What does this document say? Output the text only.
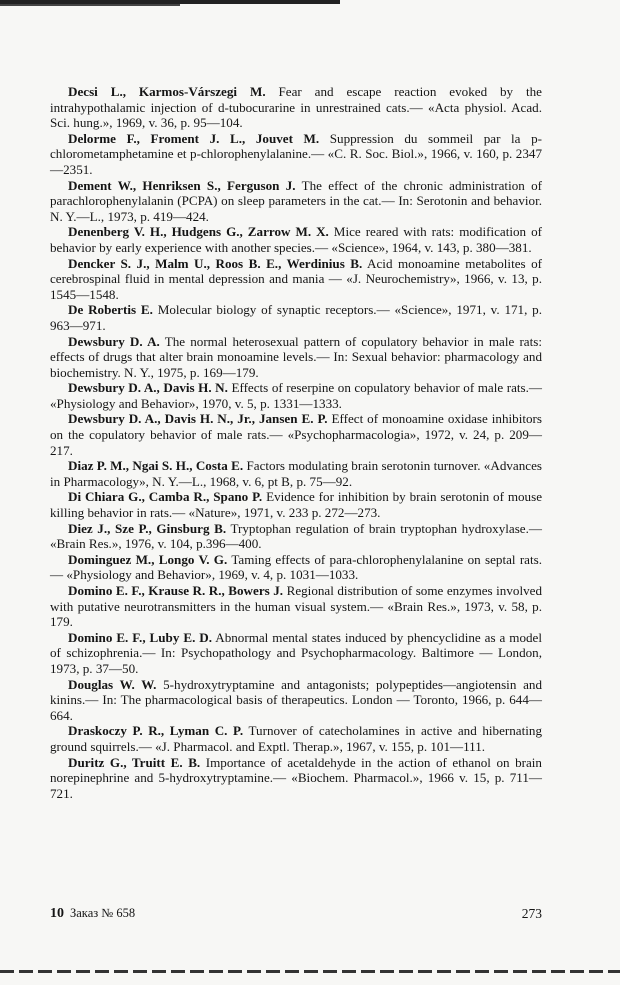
Decsi L., Karmos-Várszegi M. Fear and escape reaction evoked by the intrahypothalamic injection of d-tubocurarine in unrestrained cats.— «Acta physiol. Acad. Sci. hung.», 1969, v. 36, p. 95—104.

Delorme F., Froment J. L., Jouvet M. Suppression du sommeil par la p-chlorometamphetamine et p-chlorophenylalanine.— «C. R. Soc. Biol.», 1966, v. 160, p. 2347—2351.

Dement W., Henriksen S., Ferguson J. The effect of the chronic administration of parachlorophenylalanin (PCPA) on sleep parameters in the cat.— In: Serotonin and behavior. N. Y.—L., 1973, p. 419—424.

Denenberg V. H., Hudgens G., Zarrow M. X. Mice reared with rats: modification of behavior by early experience with another species.— «Science», 1964, v. 143, p. 380—381.

Dencker S. J., Malm U., Roos B. E., Werdinius B. Acid monoamine metabolites of cerebrospinal fluid in mental depression and mania — «J. Neurochemistry», 1966, v. 13, p. 1545—1548.

De Robertis E. Molecular biology of synaptic receptors.— «Science», 1971, v. 171, p. 963—971.

Dewsbury D. A. The normal heterosexual pattern of copulatory behavior in male rats: effects of drugs that alter brain monoamine levels.— In: Sexual behavior: pharmacology and biochemistry. N. Y., 1975, p. 169—179.

Dewsbury D. A., Davis H. N. Effects of reserpine on copulatory behavior of male rats.— «Physiology and Behavior», 1970, v. 5, p. 1331—1333.

Dewsbury D. A., Davis H. N., Jr., Jansen E. P. Effect of monoamine oxidase inhibitors on the copulatory behavior of male rats.— «Psychopharmacologia», 1972, v. 24, p. 209—217.

Diaz P. M., Ngai S. H., Costa E. Factors modulating brain serotonin turnover. «Advances in Pharmacology», N. Y.—L., 1968, v. 6, pt B, p. 75—92.

Di Chiara G., Camba R., Spano P. Evidence for inhibition by brain serotonin of mouse killing behavior in rats.— «Nature», 1971, v. 233 p. 272—273.

Diez J., Sze P., Ginsburg B. Tryptophan regulation of brain tryptophan hydroxylase.— «Brain Res.», 1976, v. 104, p.396—400.

Dominguez M., Longo V. G. Taming effects of para-chlorophenylalanine on septal rats.— «Physiology and Behavior», 1969, v. 4, p. 1031—1033.

Domino E. F., Krause R. R., Bowers J. Regional distribution of some enzymes involved with putative neurotransmitters in the human visual system.— «Brain Res.», 1973, v. 58, p. 179.

Domino E. F., Luby E. D. Abnormal mental states induced by phencyclidine as a model of schizophrenia.— In: Psychopathology and Psychopharmacology. Baltimore — London, 1973, p. 37—50.

Douglas W. W. 5-hydroxytryptamine and antagonists; polypeptides—angiotensin and kinins.— In: The pharmacological basis of therapeutics. London — Toronto, 1966, p. 644—664.

Draskoczy P. R., Lyman C. P. Turnover of catecholamines in active and hibernating ground squirrels.— «J. Pharmacol. and Exptl. Therap.», 1967, v. 155, p. 101—111.

Duritz G., Truitt E. B. Importance of acetaldehyde in the action of ethanol on brain norepinephrine and 5-hydroxytryptamine.— «Biochem. Pharmacol.», 1966 v. 15, p. 711—721.

10 Заказ № 658	273
